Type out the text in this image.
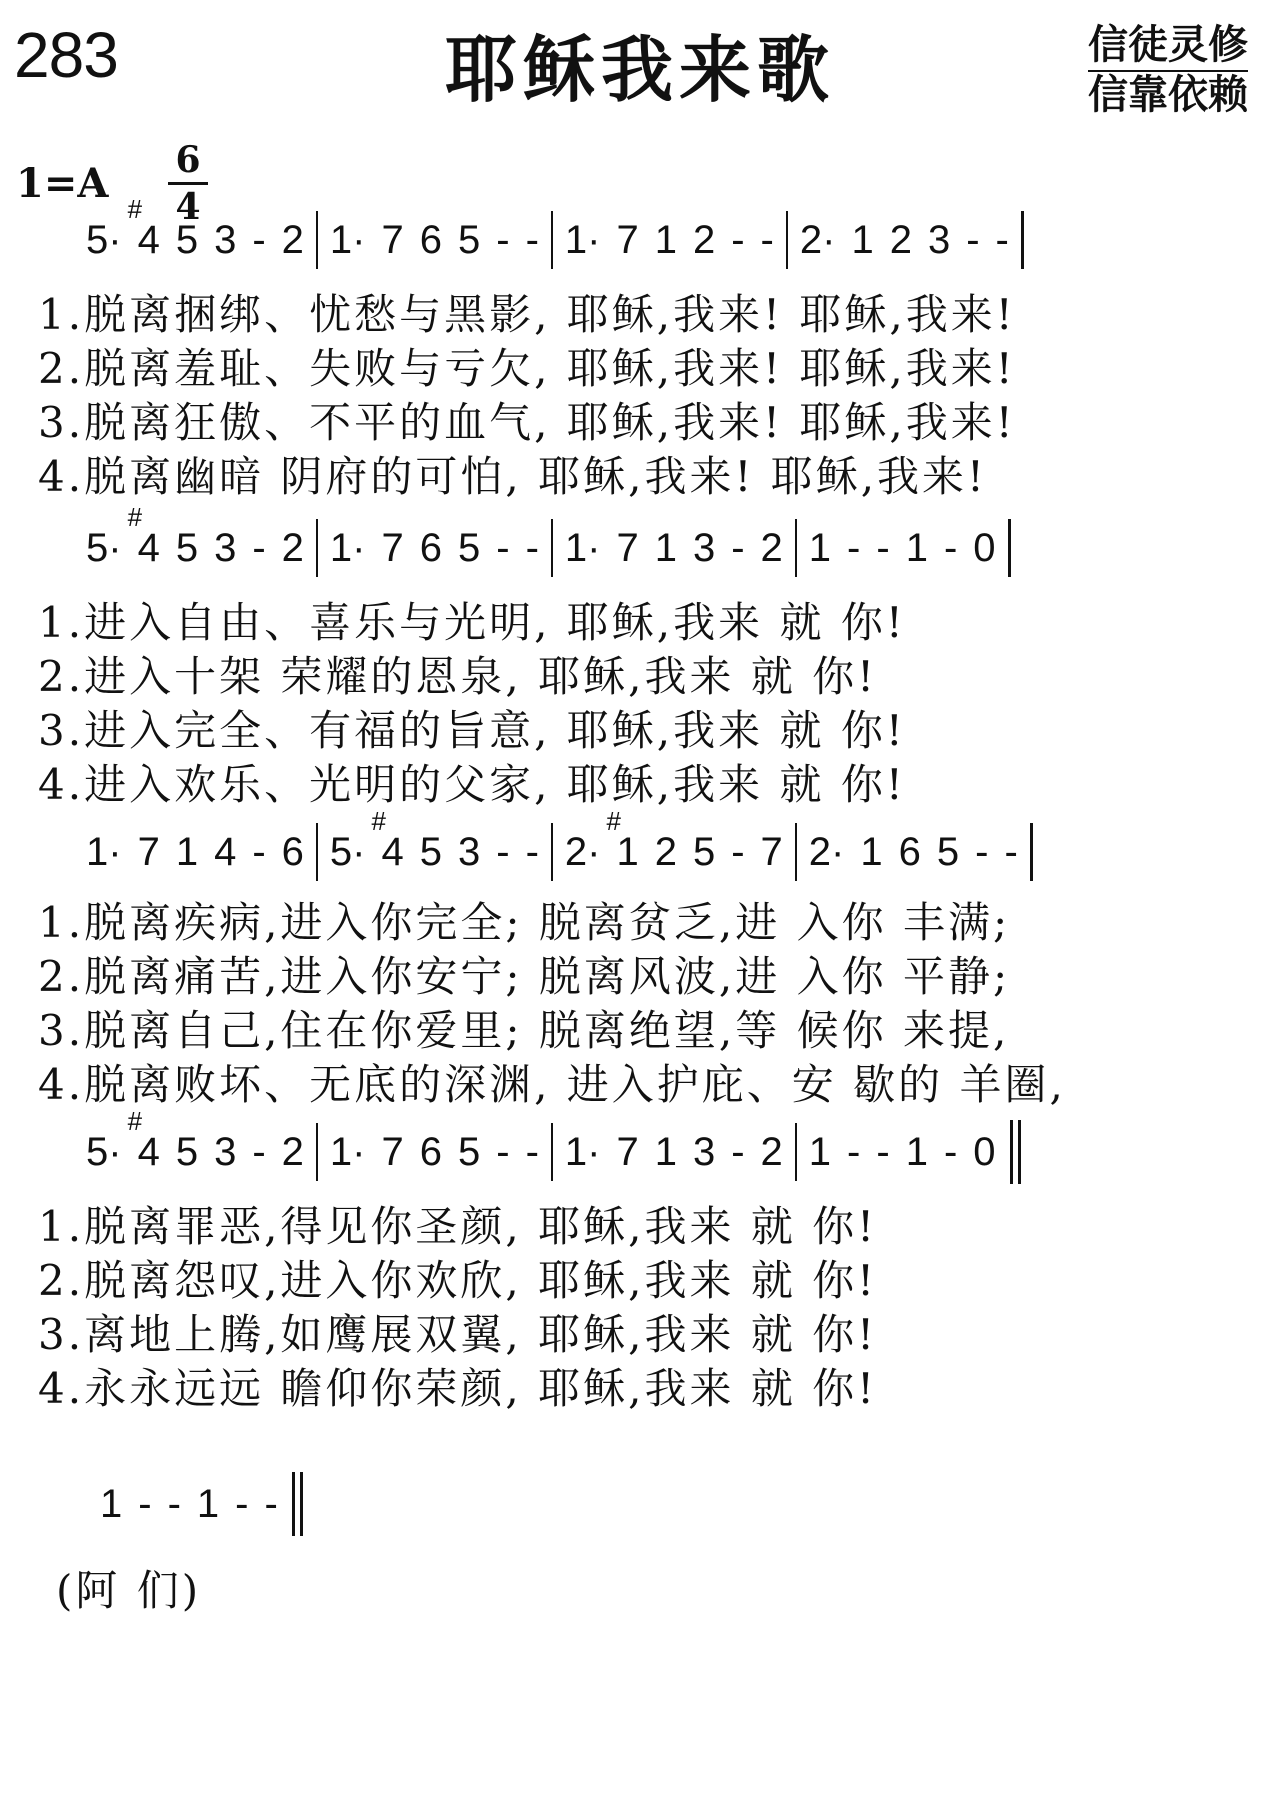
283	耶稣我来歌	信徒灵修
信靠依赖
1=A 6
4
5· # 4 5 3 - 2 1· 7 6 5 - - 1· 7 1 2 - - 2· 1 2 3 - -
1.脱离捆绑、忧愁与黑影, 耶稣,我来! 耶稣,我来!
2.脱离羞耻、失败与亏欠, 耶稣,我来! 耶稣,我来!
3.脱离狂傲、不平的血气, 耶稣,我来! 耶稣,我来!
4.脱离幽暗 阴府的可怕, 耶稣,我来! 耶稣,我来!
5· # 4 5 3 - 2 1· 7 6 5 - - 1· 7 1 3 - 2 1 - - 1 - 0
1.进入自由、喜乐与光明, 耶稣,我来 就 你!
2.进入十架 荣耀的恩泉, 耶稣,我来 就 你!
3.进入完全、有福的旨意, 耶稣,我来 就 你!
4.进入欢乐、光明的父家, 耶稣,我来 就 你!
1· 7 1 4 - 6 5· # 4 5 3 - - 2· # 1 2 5 - 7 2· 1 6 5 - -
1.脱离疾病,进入你完全; 脱离贫乏,进 入你 丰满;
2.脱离痛苦,进入你安宁; 脱离风波,进 入你 平静;
3.脱离自己,住在你爱里; 脱离绝望,等 候你 来提,
4.脱离败坏、无底的深渊, 进入护庇、安 歇的 羊圈,
5· # 4 5 3 - 2 1· 7 6 5 - - 1· 7 1 3 - 2 1 - - 1 - 0
1.脱离罪恶,得见你圣颜, 耶稣,我来 就 你!
2.脱离怨叹,进入你欢欣, 耶稣,我来 就 你!
3.离地上腾,如鹰展双翼, 耶稣,我来 就 你!
4.永永远远 瞻仰你荣颜, 耶稣,我来 就 你!
1 - - 1 - -
(阿 们)
